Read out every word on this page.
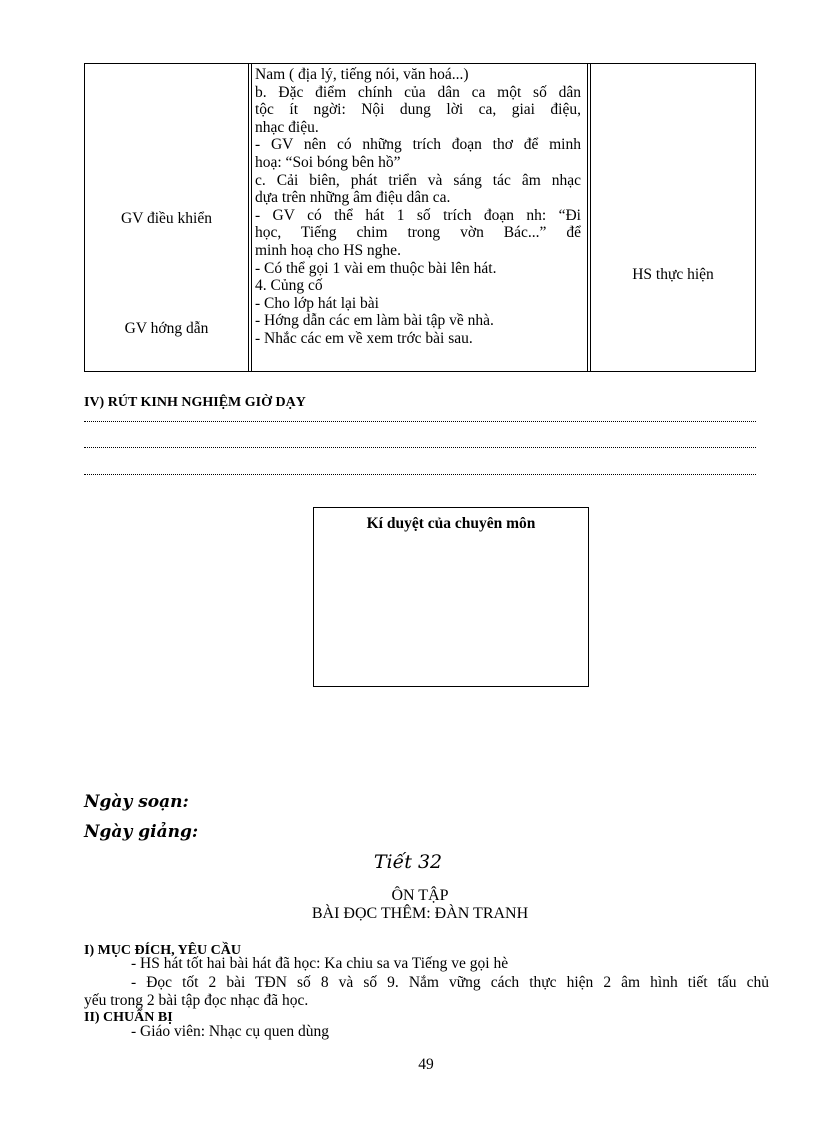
GV điều khiển
GV hớng dẫn
Nam ( địa lý, tiếng nói, văn hoá...)
b. Đặc điểm chính của dân ca một số dân
tộc ít ngời: Nội dung lời ca, giai điệu,
nhạc điệu.
- GV nên có những trích đoạn thơ để minh
hoạ: “Soi bóng bên hồ”
c. Cải biên, phát triển và sáng tác âm nhạc
dựa trên những âm điệu dân ca.
- GV có thể hát 1 số trích đoạn nh: “Đi
học, Tiếng chim trong vờn Bác...” để
minh hoạ cho HS nghe.
- Có thể gọi 1 vài em thuộc bài lên hát.
4. Củng cố
- Cho lớp hát lại bài
- Hớng dẫn các em làm bài tập về nhà.
- Nhắc các em về xem trớc bài sau.
HS thực hiện
IV) RÚT KINH NGHIỆM GIỜ DẠY
Kí duyệt của chuyên môn
Ngày soạn:
Ngày giảng:
Tiết 32
ÔN TẬP
BÀI ĐỌC THÊM: ĐÀN TRANH
I) MỤC ĐÍCH, YÊU CẦU
- HS hát tốt hai bài hát đã học: Ka chiu sa va Tiếng ve gọi hè
- Đọc tốt 2 bài TĐN số 8 và số 9. Nắm vững cách thực hiện 2 âm hình tiết tấu chủ
yếu trong 2 bài tập đọc nhạc đã học.
II) CHUẨN BỊ
- Giáo viên: Nhạc cụ quen dùng
49
